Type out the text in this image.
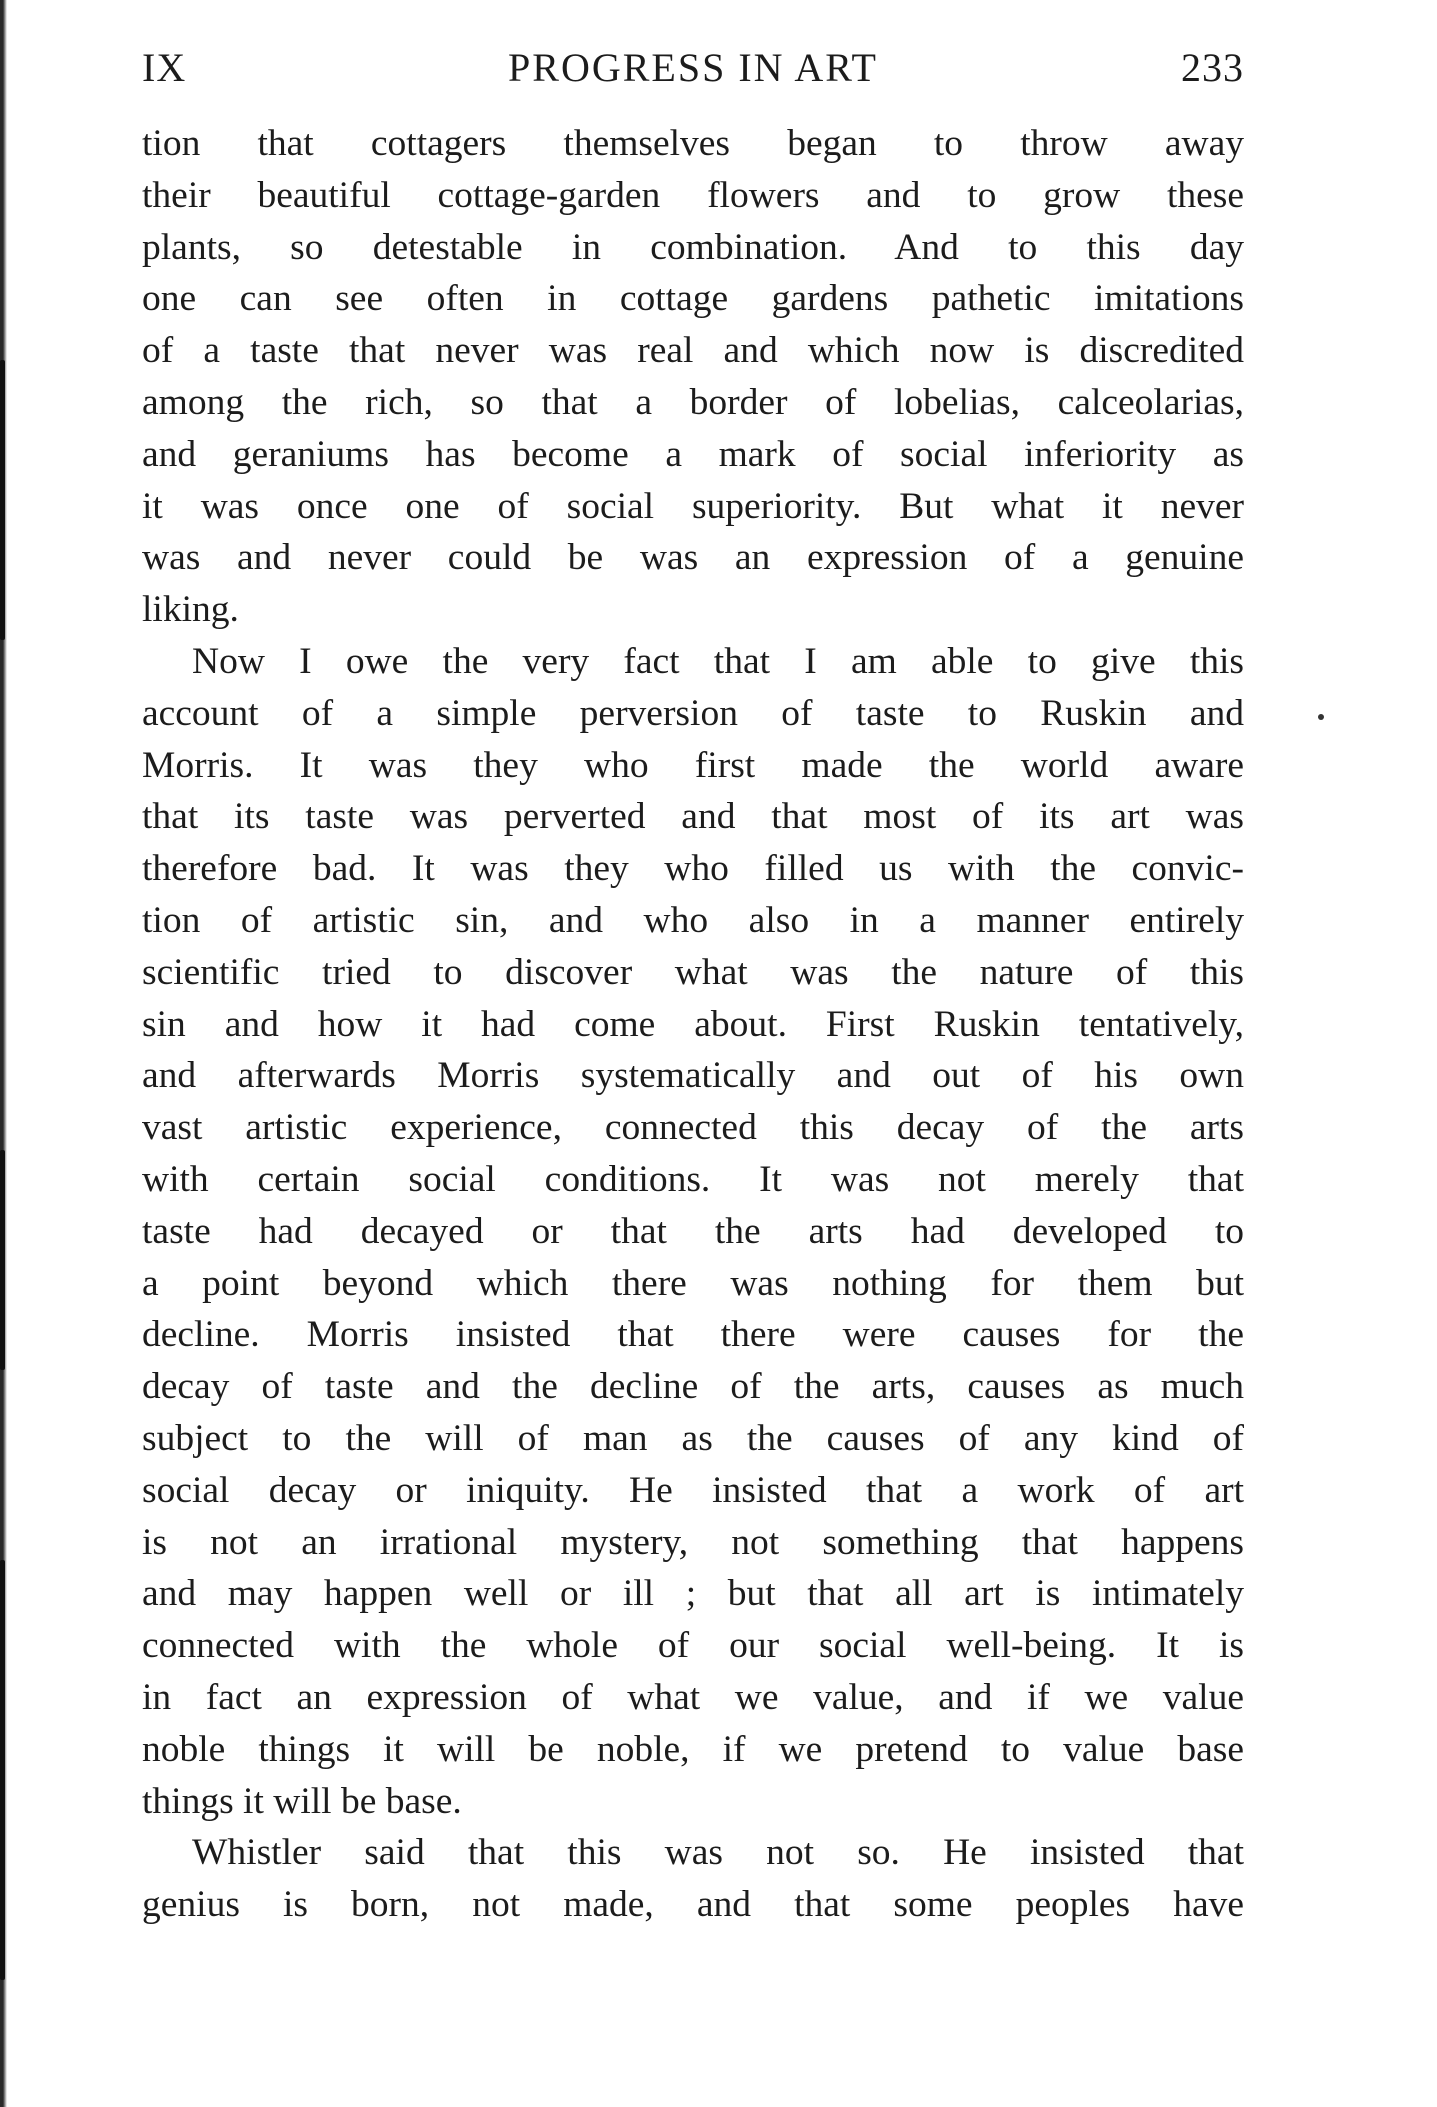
IX	PROGRESS IN ART	233
tion that cottagers themselves began to throw away
their beautiful cottage-garden flowers and to grow these
plants, so detestable in combination. And to this day
one can see often in cottage gardens pathetic imitations
of a taste that never was real and which now is discredited
among the rich, so that a border of lobelias, calceolarias,
and geraniums has become a mark of social inferiority as
it was once one of social superiority. But what it never
was and never could be was an expression of a genuine
liking.
Now I owe the very fact that I am able to give this
account of a simple perversion of taste to Ruskin and
Morris. It was they who first made the world aware
that its taste was perverted and that most of its art was
therefore bad. It was they who filled us with the convic-
tion of artistic sin, and who also in a manner entirely
scientific tried to discover what was the nature of this
sin and how it had come about. First Ruskin tentatively,
and afterwards Morris systematically and out of his own
vast artistic experience, connected this decay of the arts
with certain social conditions. It was not merely that
taste had decayed or that the arts had developed to
a point beyond which there was nothing for them but
decline. Morris insisted that there were causes for the
decay of taste and the decline of the arts, causes as much
subject to the will of man as the causes of any kind of
social decay or iniquity. He insisted that a work of art
is not an irrational mystery, not something that happens
and may happen well or ill ; but that all art is intimately
connected with the whole of our social well-being. It is
in fact an expression of what we value, and if we value
noble things it will be noble, if we pretend to value base
things it will be base.
Whistler said that this was not so. He insisted that
genius is born, not made, and that some peoples have
